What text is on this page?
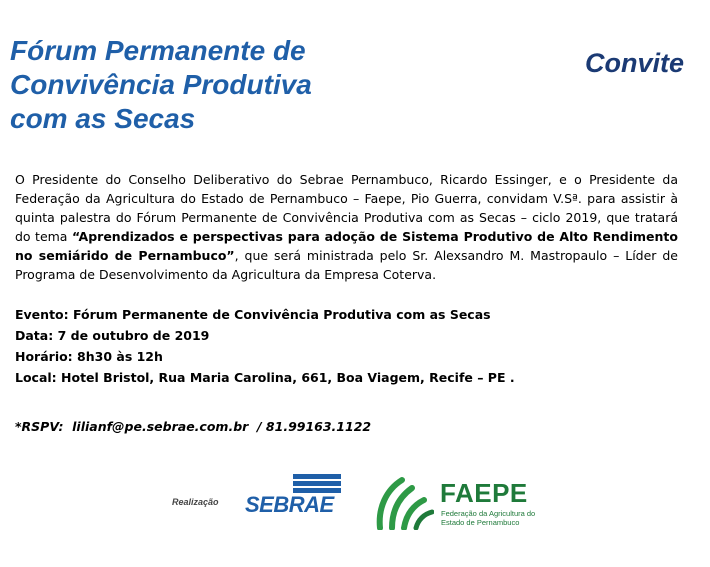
Fórum Permanente de
Convivência Produtiva
com as Secas
Convite

O Presidente do Conselho Deliberativo do Sebrae Pernambuco, Ricardo Essinger, e o Presidente da Federação da Agricultura do Estado de Pernambuco – Faepe, Pio Guerra, convidam V.Sª. para assistir à quinta palestra do Fórum Permanente de Convivência Produtiva com as Secas – ciclo 2019, que tratará do tema “Aprendizados e perspectivas para adoção de Sistema Produtivo de Alto Rendimento no semiárido de Pernambuco”, que será ministrada pelo Sr. Alexsandro M. Mastropaulo – Líder de Programa de Desenvolvimento da Agricultura da Empresa Coterva.

Evento: Fórum Permanente de Convivência Produtiva com as Secas
Data: 7 de outubro de 2019
Horário: 8h30 às 12h
Local: Hotel Bristol, Rua Maria Carolina, 661, Boa Viagem, Recife – PE .
*RSPV:  lilianf@pe.sebrae.com.br  / 81.99163.1122
Realização SEBRAE	FAEPE
Federação da Agricultura do Estado de Pernambuco
